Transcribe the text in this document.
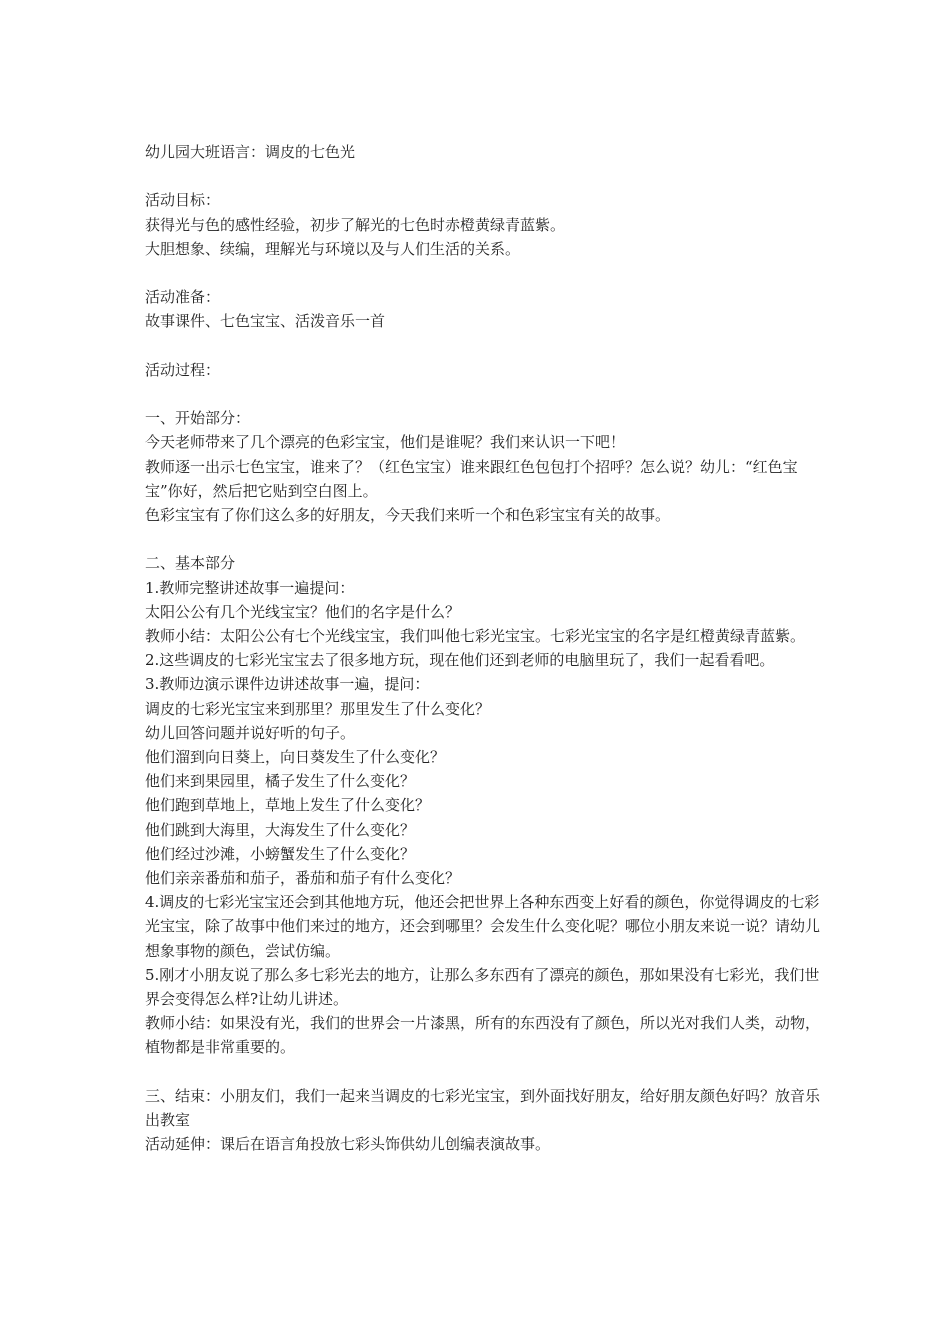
幼儿园大班语言：调皮的七色光
活动目标：
获得光与色的感性经验，初步了解光的七色时赤橙黄绿青蓝紫。
大胆想象、续编，理解光与环境以及与人们生活的关系。
活动准备：
故事课件、七色宝宝、活泼音乐一首
活动过程：
一、开始部分：
今天老师带来了几个漂亮的色彩宝宝，他们是谁呢？我们来认识一下吧！
教师逐一出示七色宝宝，谁来了？（红色宝宝）谁来跟红色包包打个招呼？怎么说？幼儿：“红色宝宝”你好，然后把它贴到空白图上。
色彩宝宝有了你们这么多的好朋友，今天我们来听一个和色彩宝宝有关的故事。
二、基本部分
1.教师完整讲述故事一遍提问：
太阳公公有几个光线宝宝？他们的名字是什么？
教师小结：太阳公公有七个光线宝宝，我们叫他七彩光宝宝。七彩光宝宝的名字是红橙黄绿青蓝紫。
2.这些调皮的七彩光宝宝去了很多地方玩，现在他们还到老师的电脑里玩了，我们一起看看吧。
3.教师边演示课件边讲述故事一遍，提问：
调皮的七彩光宝宝来到那里？那里发生了什么变化？
幼儿回答问题并说好听的句子。
他们溜到向日葵上，向日葵发生了什么变化？
他们来到果园里，橘子发生了什么变化？
他们跑到草地上，草地上发生了什么变化？
他们跳到大海里，大海发生了什么变化？
他们经过沙滩，小螃蟹发生了什么变化？
他们亲亲番茄和茄子，番茄和茄子有什么变化？
4.调皮的七彩光宝宝还会到其他地方玩，他还会把世界上各种东西变上好看的颜色，你觉得调皮的七彩光宝宝，除了故事中他们来过的地方，还会到哪里？会发生什么变化呢？哪位小朋友来说一说？请幼儿想象事物的颜色，尝试仿编。
5.刚才小朋友说了那么多七彩光去的地方，让那么多东西有了漂亮的颜色，那如果没有七彩光，我们世界会变得怎么样?让幼儿讲述。
教师小结：如果没有光，我们的世界会一片漆黑，所有的东西没有了颜色，所以光对我们人类，动物，植物都是非常重要的。
三、结束：小朋友们，我们一起来当调皮的七彩光宝宝，到外面找好朋友，给好朋友颜色好吗？放音乐出教室
活动延伸：课后在语言角投放七彩头饰供幼儿创编表演故事。
